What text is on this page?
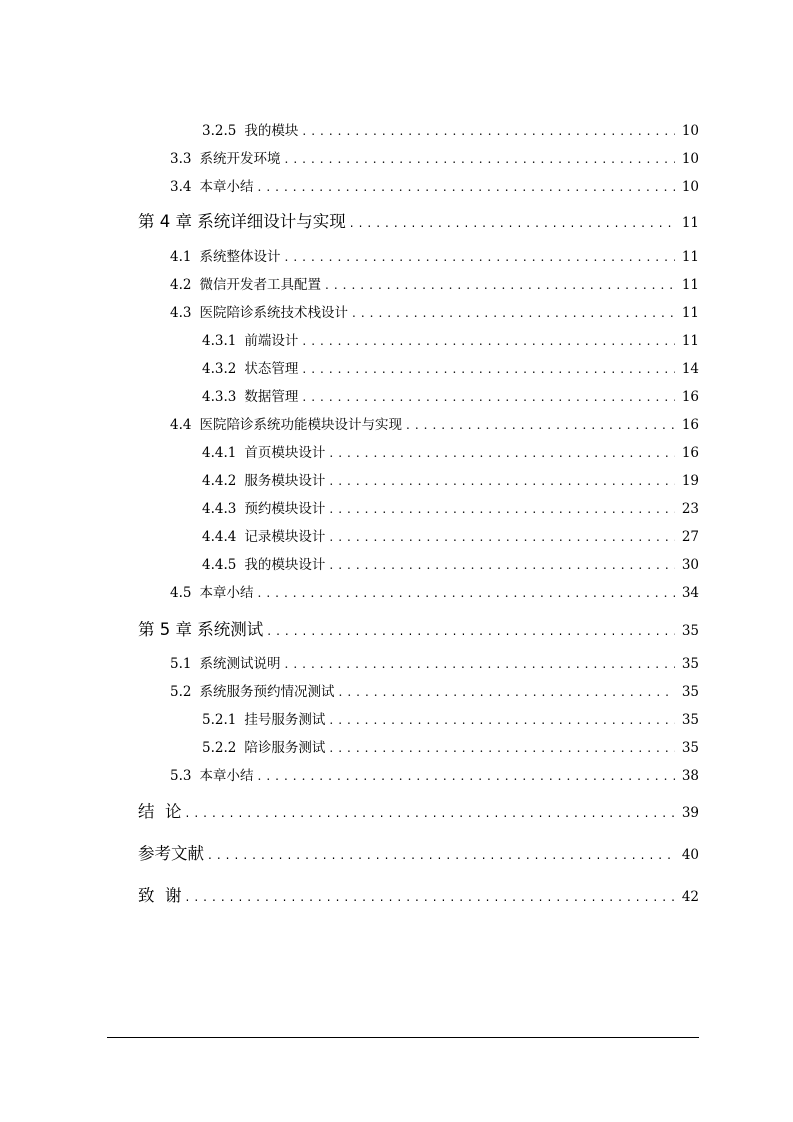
3.2.5 我的模块 . . .	10
3.3 系统开发环境 . . .	10
3.4 本章小结 . . .	10
第 4 章 系统详细设计与实现 . . .	11
4.1 系统整体设计 . . .	11
4.2 微信开发者工具配置 . . .	11
4.3 医院陪诊系统技术栈设计 . . .	11
4.3.1 前端设计 . . .	11
4.3.2 状态管理 . . .	14
4.3.3 数据管理 . . .	16
4.4 医院陪诊系统功能模块设计与实现 . . .	16
4.4.1 首页模块设计 . . .	16
4.4.2 服务模块设计 . . .	19
4.4.3 预约模块设计 . . .	23
4.4.4 记录模块设计 . . .	27
4.4.5 我的模块设计 . . .	30
4.5 本章小结 . . .	34
第 5 章 系统测试 . . .	35
5.1 系统测试说明 . . .	35
5.2 系统服务预约情况测试 . . .	35
5.2.1 挂号服务测试 . . .	35
5.2.2 陪诊服务测试 . . .	35
5.3 本章小结 . . .	38
结  论 . . .	39
参考文献 . . .	40
致  谢 . . .	42
